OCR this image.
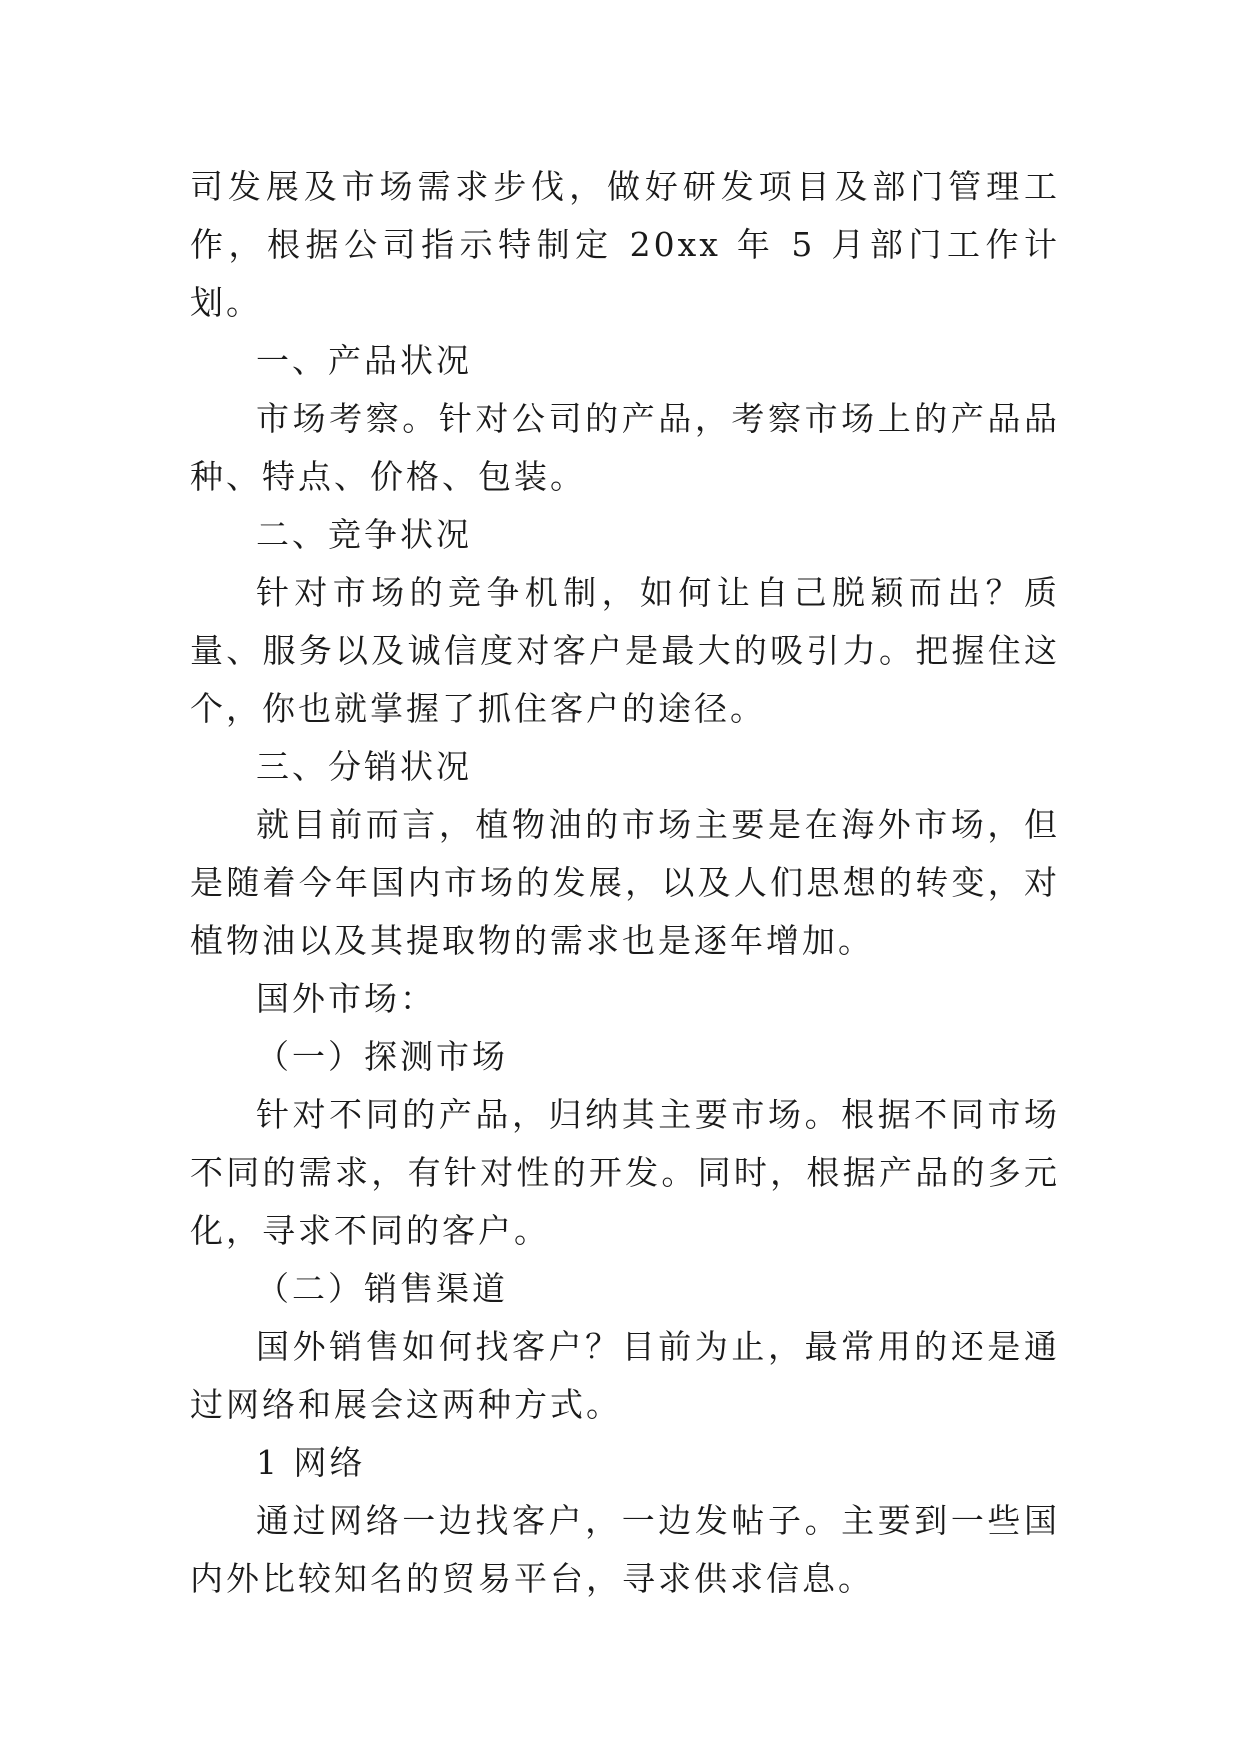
司发展及市场需求步伐，做好研发项目及部门管理工作，根据公司指示特制定 20xx 年 5 月部门工作计划。

一、产品状况

市场考察。针对公司的产品，考察市场上的产品品种、特点、价格、包装。

二、竞争状况

针对市场的竞争机制，如何让自己脱颖而出？质量、服务以及诚信度对客户是最大的吸引力。把握住这个，你也就掌握了抓住客户的途径。

三、分销状况

就目前而言，植物油的市场主要是在海外市场，但是随着今年国内市场的发展，以及人们思想的转变，对植物油以及其提取物的需求也是逐年增加。

国外市场：

（一）探测市场

针对不同的产品，归纳其主要市场。根据不同市场不同的需求，有针对性的开发。同时，根据产品的多元化，寻求不同的客户。

（二）销售渠道

国外销售如何找客户？目前为止，最常用的还是通过网络和展会这两种方式。

1 网络

通过网络一边找客户，一边发帖子。主要到一些国内外比较知名的贸易平台，寻求供求信息。
